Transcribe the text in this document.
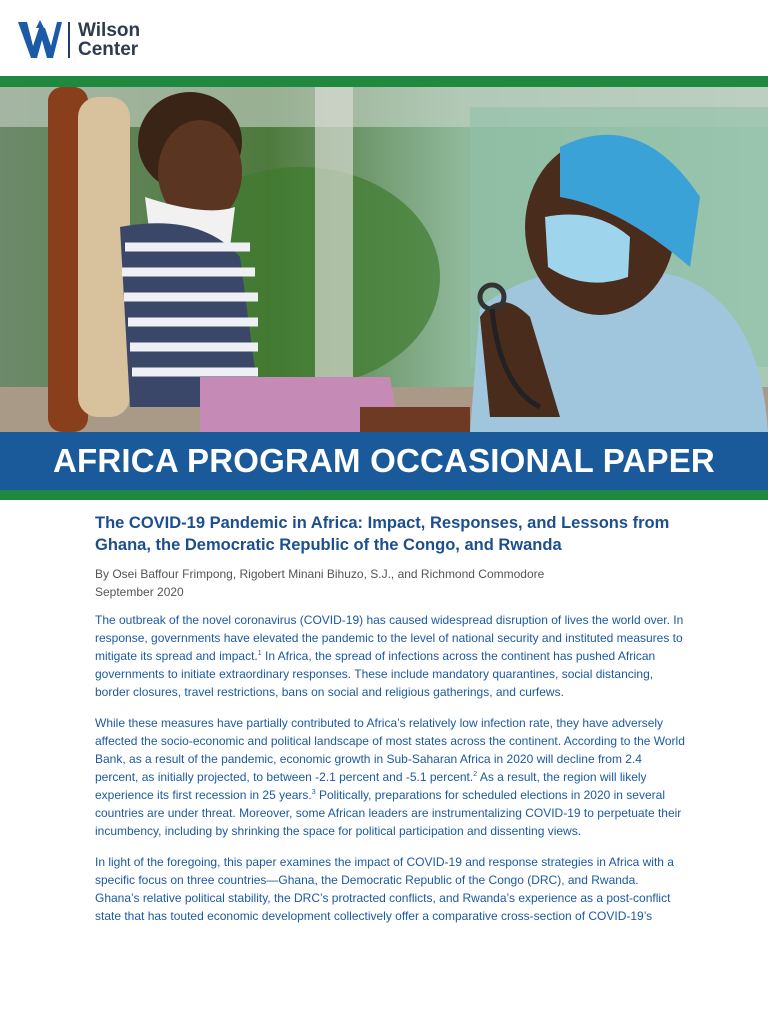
Wilson
Center
AFRICA PROGRAM OCCASIONAL PAPER
The COVID-19 Pandemic in Africa: Impact, Responses, and Lessons from Ghana, the Democratic Republic of the Congo, and Rwanda

By Osei Baffour Frimpong, Rigobert Minani Bihuzo, S.J., and Richmond Commodore

September 2020

The outbreak of the novel coronavirus (COVID-19) has caused widespread disruption of lives the world over. In response, governments have elevated the pandemic to the level of national security and instituted measures to mitigate its spread and impact.$^1$ In Africa, the spread of infections across the continent has pushed African governments to initiate extraordinary responses. These include mandatory quarantines, social distancing, border closures, travel restrictions, bans on social and religious gatherings, and curfews.

While these measures have partially contributed to Africa’s relatively low infection rate, they have adversely affected the socio-economic and political landscape of most states across the continent. According to the World Bank, as a result of the pandemic, economic growth in Sub-Saharan Africa in 2020 will decline from 2.4 percent, as initially projected, to between -2.1 percent and -5.1 percent.$^2$ As a result, the region will likely experience its first recession in 25 years.$^3$ Politically, preparations for scheduled elections in 2020 in several countries are under threat. Moreover, some African leaders are instrumentalizing COVID-19 to perpetuate their incumbency, including by shrinking the space for political participation and dissenting views.

In light of the foregoing, this paper examines the impact of COVID-19 and response strategies in Africa with a specific focus on three countries—Ghana, the Democratic Republic of the Congo (DRC), and Rwanda. Ghana’s relative political stability, the DRC’s protracted conflicts, and Rwanda’s experience as a post-conflict state that has touted economic development collectively offer a comparative cross-section of COVID-19’s
